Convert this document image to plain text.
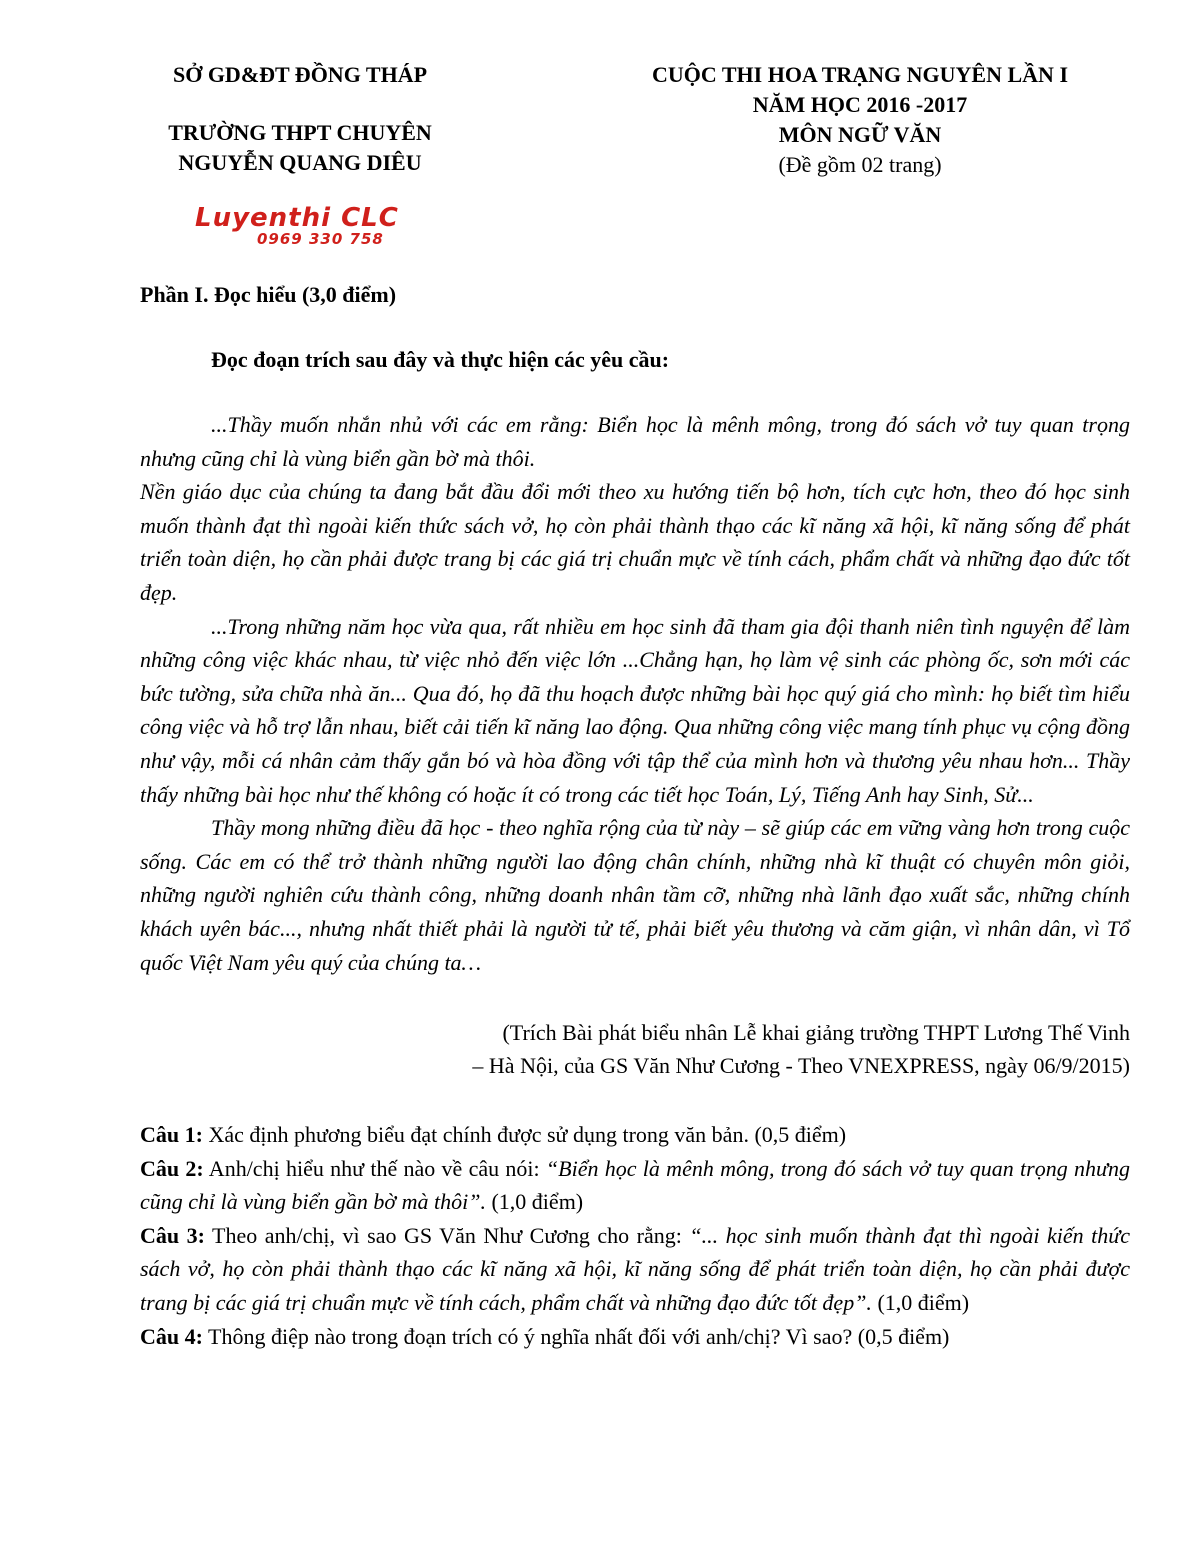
SỞ GD&ĐT ĐỒNG THÁP
TRƯỜNG THPT CHUYÊN
NGUYỄN QUANG DIÊU
CUỘC THI HOA TRẠNG NGUYÊN LẦN I
NĂM HỌC 2016 -2017
MÔN NGỮ VĂN
(Đề gồm 02 trang)
Luyenthi CLC
0969 330 758
Phần I. Đọc hiểu (3,0 điểm)
Đọc đoạn trích sau đây và thực hiện các yêu cầu:

...Thầy muốn nhắn nhủ với các em rằng: Biển học là mênh mông, trong đó sách vở tuy quan trọng nhưng cũng chỉ là vùng biển gần bờ mà thôi.

Nền giáo dục của chúng ta đang bắt đầu đổi mới theo xu hướng tiến bộ hơn, tích cực hơn, theo đó học sinh muốn thành đạt thì ngoài kiến thức sách vở, họ còn phải thành thạo các kĩ năng xã hội, kĩ năng sống để phát triển toàn diện, họ cần phải được trang bị các giá trị chuẩn mực về tính cách, phẩm chất và những đạo đức tốt đẹp.

...Trong những năm học vừa qua, rất nhiều em học sinh đã tham gia đội thanh niên tình nguyện để làm những công việc khác nhau, từ việc nhỏ đến việc lớn ...Chẳng hạn, họ làm vệ sinh các phòng ốc, sơn mới các bức tường, sửa chữa nhà ăn... Qua đó, họ đã thu hoạch được những bài học quý giá cho mình: họ biết tìm hiểu công việc và hỗ trợ lẫn nhau, biết cải tiến kĩ năng lao động. Qua những công việc mang tính phục vụ cộng đồng như vậy, mỗi cá nhân cảm thấy gắn bó và hòa đồng với tập thể của mình hơn và thương yêu nhau hơn... Thầy thấy những bài học như thế không có hoặc ít có trong các tiết học Toán, Lý, Tiếng Anh hay Sinh, Sử...

Thầy mong những điều đã học - theo nghĩa rộng của từ này – sẽ giúp các em vững vàng hơn trong cuộc sống. Các em có thể trở thành những người lao động chân chính, những nhà kĩ thuật có chuyên môn giỏi, những người nghiên cứu thành công, những doanh nhân tầm cỡ, những nhà lãnh đạo xuất sắc, những chính khách uyên bác..., nhưng nhất thiết phải là người tử tế, phải biết yêu thương và căm giận, vì nhân dân, vì Tổ quốc Việt Nam yêu quý của chúng ta…

(Trích Bài phát biểu nhân Lễ khai giảng trường THPT Lương Thế Vinh
– Hà Nội, của GS Văn Như Cương - Theo VNEXPRESS, ngày 06/9/2015)

Câu 1: Xác định phương biểu đạt chính được sử dụng trong văn bản. (0,5 điểm)

Câu 2: Anh/chị hiểu như thế nào về câu nói: “Biển học là mênh mông, trong đó sách vở tuy quan trọng nhưng cũng chỉ là vùng biển gần bờ mà thôi”. (1,0 điểm)

Câu 3: Theo anh/chị, vì sao GS Văn Như Cương cho rằng: “... học sinh muốn thành đạt thì ngoài kiến thức sách vở, họ còn phải thành thạo các kĩ năng xã hội, kĩ năng sống để phát triển toàn diện, họ cần phải được trang bị các giá trị chuẩn mực về tính cách, phẩm chất và những đạo đức tốt đẹp”. (1,0 điểm)

Câu 4: Thông điệp nào trong đoạn trích có ý nghĩa nhất đối với anh/chị? Vì sao? (0,5 điểm)
